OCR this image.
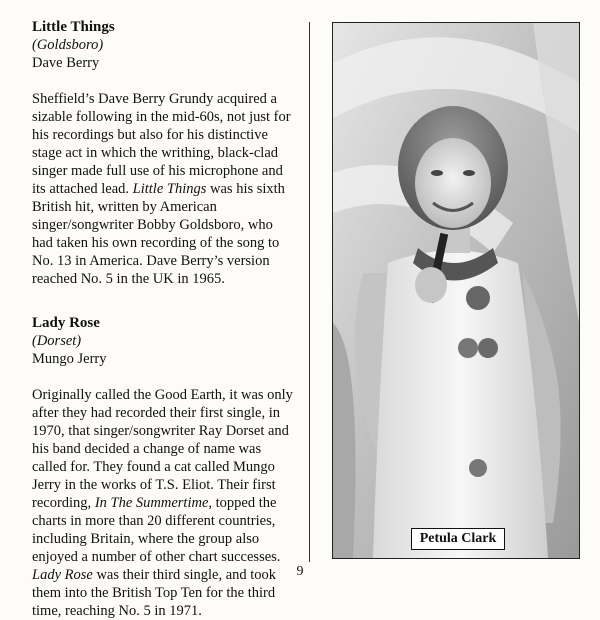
Little Things

(Goldsboro)

Dave Berry

Sheffield’s Dave Berry Grundy acquired a sizable following in the mid-60s, not just for his recordings but also for his distinctive stage act in which the writhing, black-clad singer made full use of his microphone and its attached lead. Little Things was his sixth British hit, written by American singer/songwriter Bobby Goldsboro, who had taken his own recording of the song to No. 13 in America. Dave Berry’s version reached No. 5 in the UK in 1965.

Lady Rose

(Dorset)

Mungo Jerry

Originally called the Good Earth, it was only after they had recorded their first single, in 1970, that singer/songwriter Ray Dorset and his band decided a change of name was called for. They found a cat called Mungo Jerry in the works of T.S. Eliot. Their first recording, In The Summertime, topped the charts in more than 20 different countries, including Britain, where the group also enjoyed a number of other chart successes. Lady Rose was their third single, and took them into the British Top Ten for the third time, reaching No. 5 in 1971.

Petula Clark
9
